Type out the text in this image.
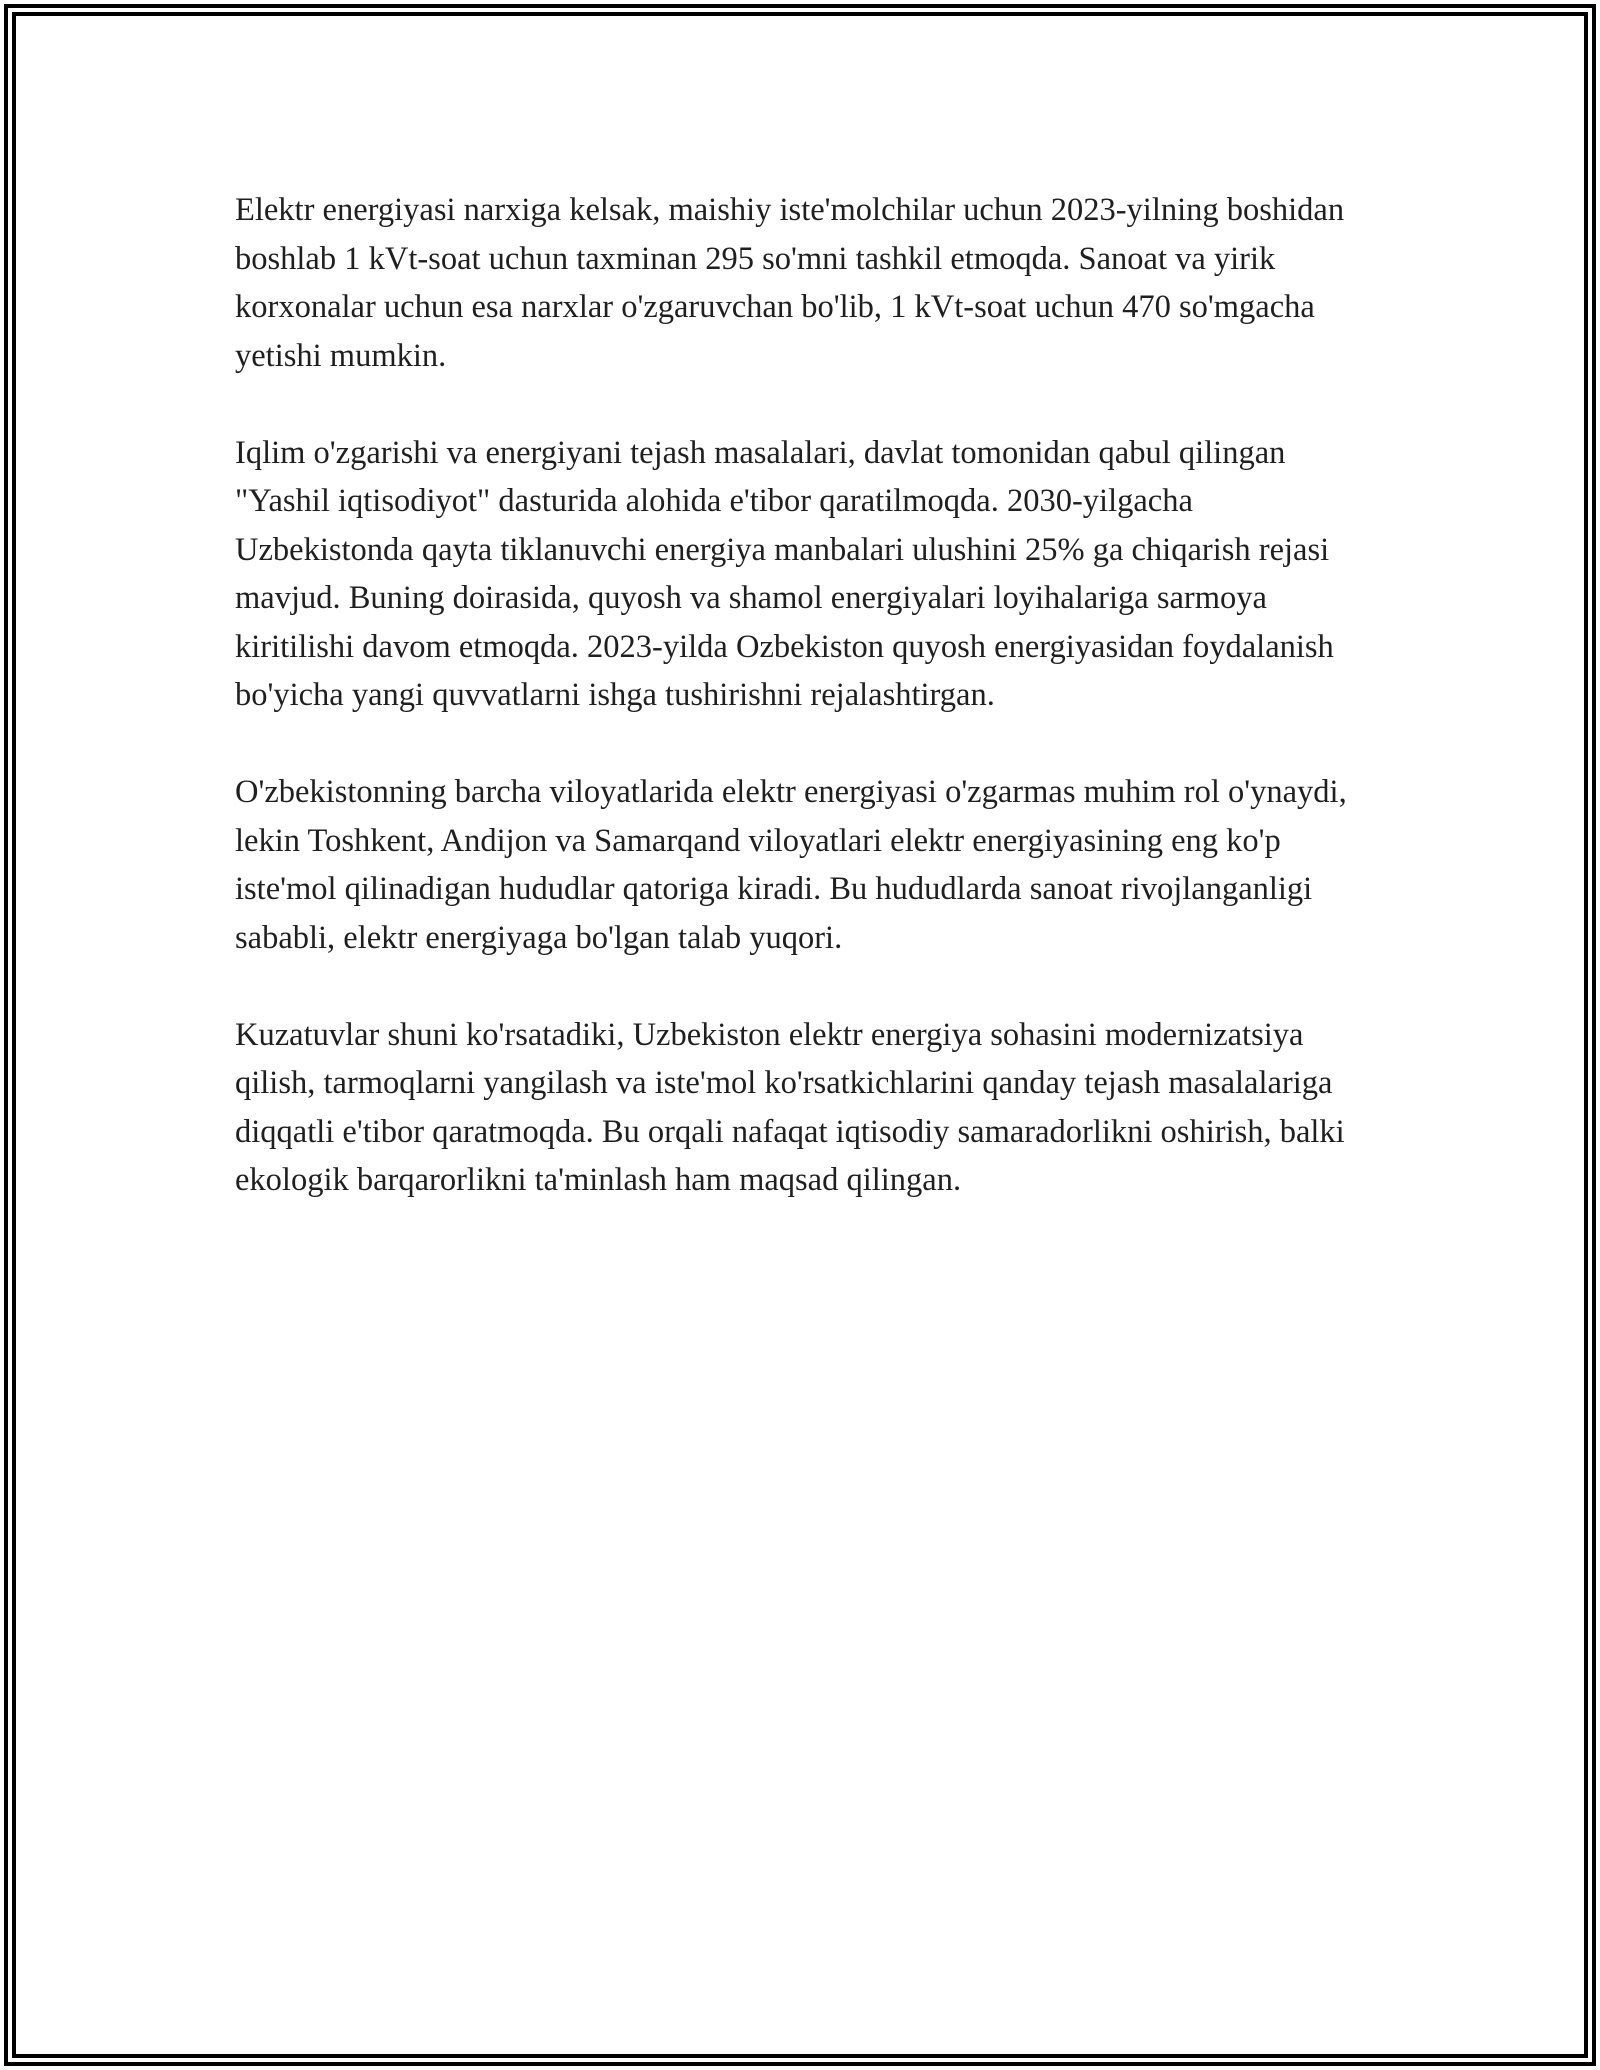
Elektr energiyasi narxiga kelsak, maishiy iste'molchilar uchun 2023-yilning boshidan boshlab 1 kVt-soat uchun taxminan 295 so'mni tashkil etmoqda. Sanoat va yirik korxonalar uchun esa narxlar o'zgaruvchan bo'lib, 1 kVt-soat uchun 470 so'mgacha yetishi mumkin.

Iqlim o'zgarishi va energiyani tejash masalalari, davlat tomonidan qabul qilingan "Yashil iqtisodiyot" dasturida alohida e'tibor qaratilmoqda. 2030-yilgacha Uzbekistonda qayta tiklanuvchi energiya manbalari ulushini 25% ga chiqarish rejasi mavjud. Buning doirasida, quyosh va shamol energiyalari loyihalariga sarmoya kiritilishi davom etmoqda. 2023-yilda Ozbekiston quyosh energiyasidan foydalanish bo'yicha yangi quvvatlarni ishga tushirishni rejalashtirgan.

O'zbekistonning barcha viloyatlarida elektr energiyasi o'zgarmas muhim rol o'ynaydi, lekin Toshkent, Andijon va Samarqand viloyatlari elektr energiyasining eng ko'p iste'mol qilinadigan hududlar qatoriga kiradi. Bu hududlarda sanoat rivojlanganligi sababli, elektr energiyaga bo'lgan talab yuqori.

Kuzatuvlar shuni ko'rsatadiki, Uzbekiston elektr energiya sohasini modernizatsiya qilish, tarmoqlarni yangilash va iste'mol ko'rsatkichlarini qanday tejash masalalariga diqqatli e'tibor qaratmoqda. Bu orqali nafaqat iqtisodiy samaradorlikni oshirish, balki ekologik barqarorlikni ta'minlash ham maqsad qilingan.
